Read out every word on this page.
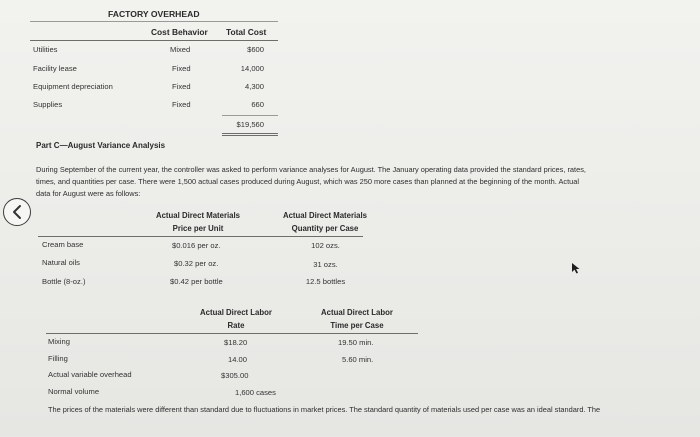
FACTORY OVERHEAD
Cost Behavior Total Cost
Utilities	Mixed	$600
Facility lease	Fixed	14,000
Equipment depreciation	Fixed	4,300
Supplies	Fixed	660
$19,560
Part C—August Variance Analysis
During September of the current year, the controller was asked to perform variance analyses for August. The January operating data provided the standard prices, rates,
times, and quantities per case. There were 1,500 actual cases produced during August, which was 250 more cases than planned at the beginning of the month. Actual
data for August were as follows:
Actual Direct Materials
Price per Unit
Actual Direct Materials
Quantity per Case
Cream base	$0.016 per oz.	102 ozs.
Natural oils	$0.32 per oz.	31 ozs.
Bottle (8-oz.)	$0.42 per bottle	12.5 bottles
Actual Direct Labor
Rate
Actual Direct Labor
Time per Case
Mixing	$18.20	19.50 min.
Filling	14.00	5.60 min.
Actual variable overhead	$305.00
Normal volume	1,600 cases
The prices of the materials were different than standard due to fluctuations in market prices. The standard quantity of materials used per case was an ideal standard. The
